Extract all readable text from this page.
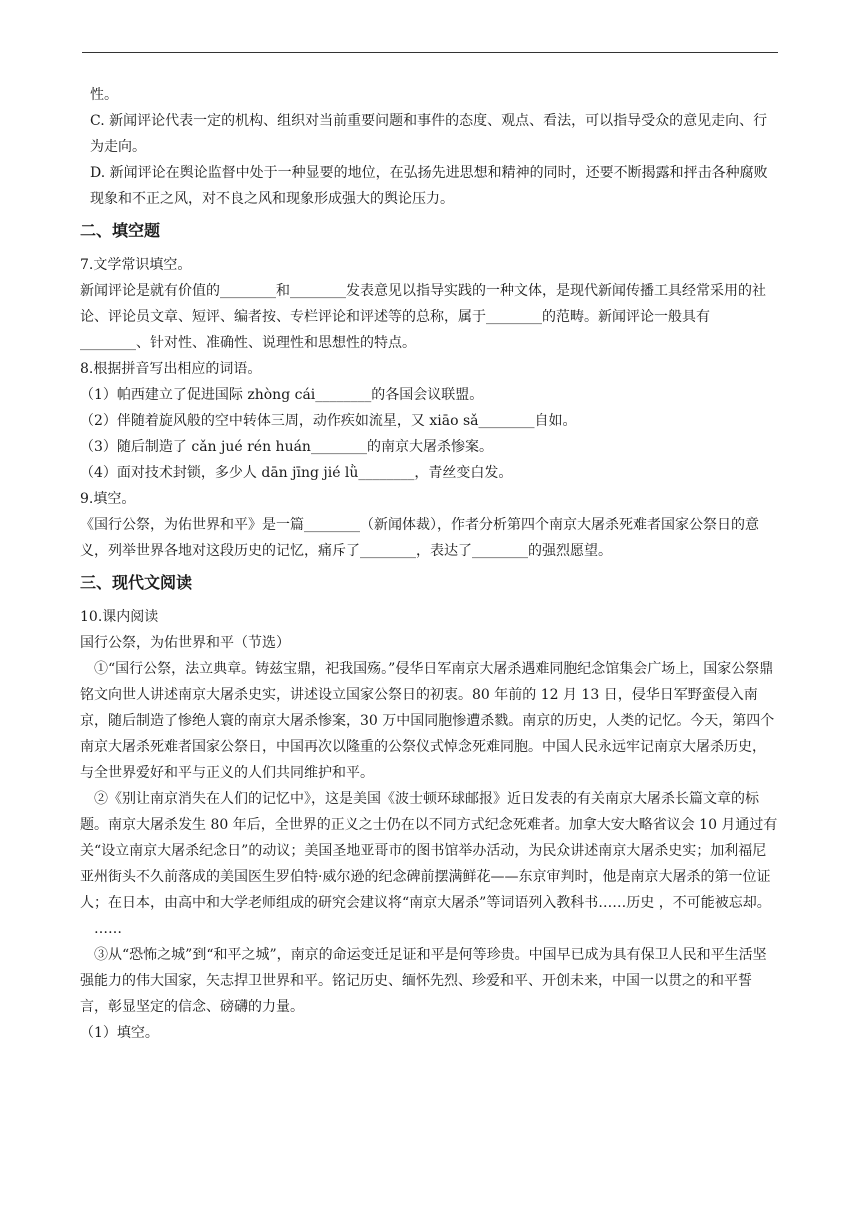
性。

C. 新闻评论代表一定的机构、组织对当前重要问题和事件的态度、观点、看法，可以指导受众的意见走向、行为走向。

D. 新闻评论在舆论监督中处于一种显要的地位，在弘扬先进思想和精神的同时，还要不断揭露和抨击各种腐败现象和不正之风，对不良之风和现象形成强大的舆论压力。

二、填空题

7.文学常识填空。

新闻评论是就有价值的________和________发表意见以指导实践的一种文体，是现代新闻传播工具经常采用的社论、评论员文章、短评、编者按、专栏评论和评述等的总称，属于________的范畴。新闻评论一般具有________、针对性、准确性、说理性和思想性的特点。

8.根据拼音写出相应的词语。

（1）帕西建立了促进国际 zhòng cái________的各国会议联盟。

（2）伴随着旋风般的空中转体三周，动作疾如流星，又 xiāo sǎ________自如。

（3）随后制造了 cǎn jué rén huán________的南京大屠杀惨案。

（4）面对技术封锁，多少人 dān jīng jié lǜ________，青丝变白发。

9.填空。

《国行公祭，为佑世界和平》是一篇________（新闻体裁），作者分析第四个南京大屠杀死难者国家公祭日的意义，列举世界各地对这段历史的记忆，痛斥了________，表达了________的强烈愿望。

三、现代文阅读

10.课内阅读

国行公祭，为佑世界和平（节选）

①“国行公祭，法立典章。铸兹宝鼎，祀我国殇。”侵华日军南京大屠杀遇难同胞纪念馆集会广场上，国家公祭鼎铭文向世人讲述南京大屠杀史实，讲述设立国家公祭日的初衷。80 年前的 12 月 13 日，侵华日军野蛮侵入南京，随后制造了惨绝人寰的南京大屠杀惨案，30 万中国同胞惨遭杀戮。南京的历史，人类的记忆。今天，第四个南京大屠杀死难者国家公祭日，中国再次以隆重的公祭仪式悼念死难同胞。中国人民永远牢记南京大屠杀历史，与全世界爱好和平与正义的人们共同维护和平。

②《别让南京消失在人们的记忆中》，这是美国《波士顿环球邮报》近日发表的有关南京大屠杀长篇文章的标题。南京大屠杀发生 80 年后，全世界的正义之士仍在以不同方式纪念死难者。加拿大安大略省议会 10 月通过有关“设立南京大屠杀纪念日”的动议；美国圣地亚哥市的图书馆举办活动，为民众讲述南京大屠杀史实；加利福尼亚州街头不久前落成的美国医生罗伯特·威尔逊的纪念碑前摆满鲜花——东京审判时，他是南京大屠杀的第一位证人；在日本，由高中和大学老师组成的研究会建议将“南京大屠杀”等词语列入教科书……历史 ，不可能被忘却。

……

③从“恐怖之城”到“和平之城”，南京的命运变迁足证和平是何等珍贵。中国早已成为具有保卫人民和平生活坚强能力的伟大国家，矢志捍卫世界和平。铭记历史、缅怀先烈、珍爱和平、开创未来，中国一以贯之的和平誓言，彰显坚定的信念、磅礴的力量。

（1）填空。
